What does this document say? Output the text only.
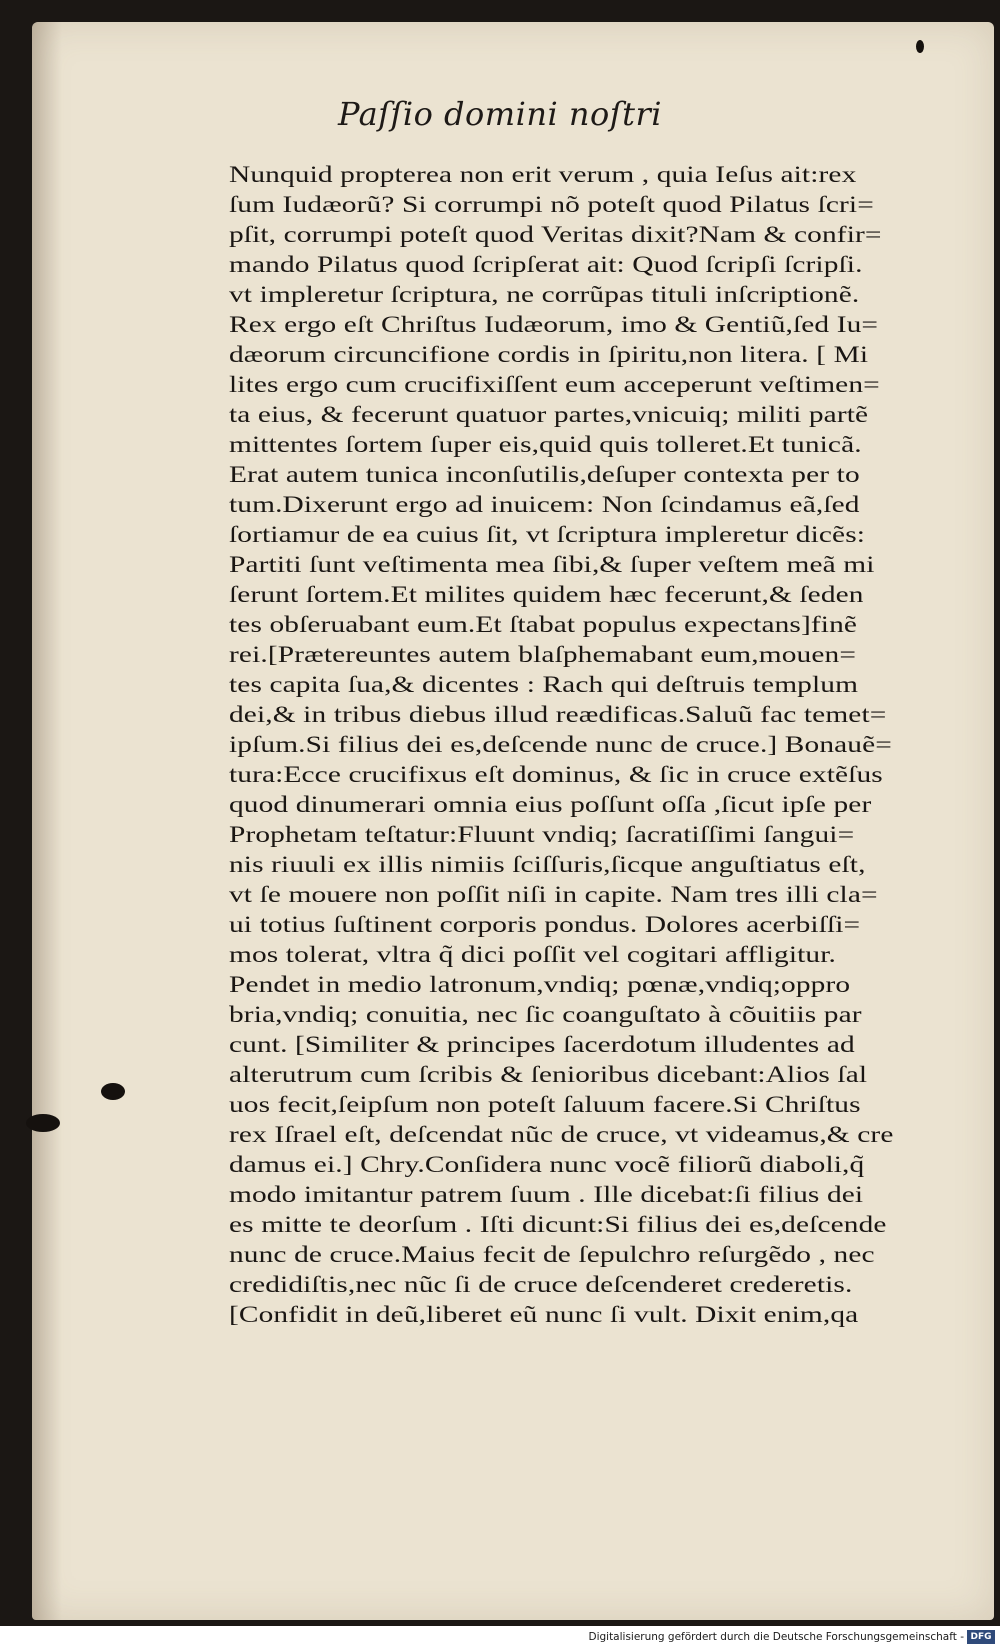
Paſſio domini noſtri
Nunquid propterea non erit verum , quia Ieſus ait:rex
ſum Iudæorũ? Si corrumpi nõ poteſt quod Pilatus ſcri=
pſit, corrumpi poteſt quod Veritas dixit?Nam & confir=
mando Pilatus quod ſcripſerat ait: Quod ſcripſi ſcripſi.
vt impleretur ſcriptura, ne corrũpas tituli inſcriptionẽ.
Rex ergo eſt Chriſtus Iudæorum, imo & Gentiũ,ſed Iu=
dæorum circuncifione cordis in ſpiritu,non litera. [ Mi
lites ergo cum crucifixiſſent eum acceperunt veſtimen=
ta eius, & fecerunt quatuor partes,vnicuiq; militi partẽ
mittentes ſortem ſuper eis,quid quis tolleret.Et tunicã.
Erat autem tunica inconſutilis,deſuper contexta per to
tum.Dixerunt ergo ad inuicem: Non ſcindamus eã,ſed
ſortiamur de ea cuius ſit, vt ſcriptura impleretur dicẽs:
Partiti ſunt veſtimenta mea ſibi,& ſuper veſtem meã mi
ſerunt ſortem.Et milites quidem hæc fecerunt,& ſeden
tes obſeruabant eum.Et ſtabat populus expectans]finẽ
rei.[Prætereuntes autem blaſphemabant eum,mouen=
tes capita ſua,& dicentes : Rach qui deſtruis templum
dei,& in tribus diebus illud reædificas.Saluũ fac temet=
ipſum.Si filius dei es,deſcende nunc de cruce.] Bonauẽ=
tura:Ecce crucifixus eſt dominus, & ſic in cruce extẽſus
quod dinumerari omnia eius poſſunt oſſa ,ſicut ipſe per
Prophetam teſtatur:Fluunt vndiq; ſacratiſſimi ſangui=
nis riuuli ex illis nimiis ſciſſuris,ſicque anguſtiatus eſt,
vt ſe mouere non poſſit niſi in capite. Nam tres illi cla=
ui totius ſuſtinent corporis pondus. Dolores acerbiſſi=
mos tolerat, vltra q̃ dici poſſit vel cogitari affligitur.
Pendet in medio latronum,vndiq; pœnæ,vndiq;oppro
bria,vndiq; conuitia, nec ſic coanguſtato à cõuitiis par
cunt. [Similiter & principes ſacerdotum illudentes ad
alterutrum cum ſcribis & ſenioribus dicebant:Alios ſal
uos fecit,ſeipſum non poteſt ſaluum facere.Si Chriſtus
rex Iſrael eſt, deſcendat nũc de cruce, vt videamus,& cre
damus ei.] Chry.Conſidera nunc vocẽ filiorũ diaboli,q̃
modo imitantur patrem ſuum . Ille dicebat:ſi filius dei
es mitte te deorſum . Iſti dicunt:Si filius dei es,deſcende
nunc de cruce.Maius fecit de ſepulchro reſurgẽdo , nec
credidiſtis,nec nũc ſi de cruce deſcenderet crederetis.
[Confidit in deũ,liberet eũ nunc ſi vult. Dixit enim,qa
Digitalisierung gefördert durch die Deutsche Forschungsgemeinschaft - DFG
